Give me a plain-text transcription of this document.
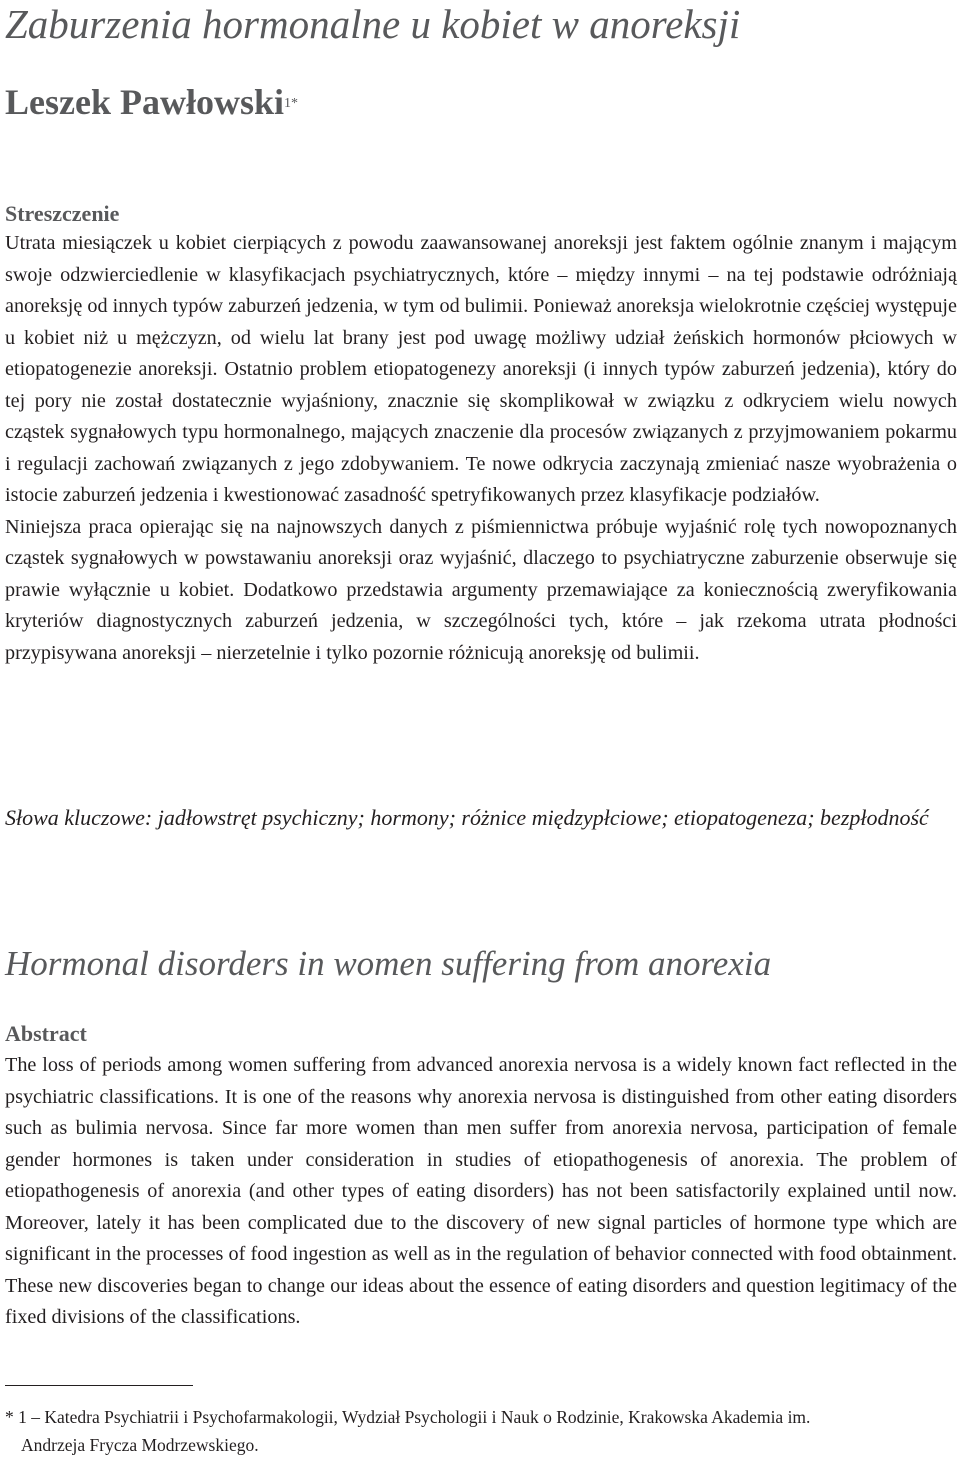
Zaburzenia hormonalne u kobiet w anoreksji
Leszek Pawłowski$^{1*}$
Streszczenie

Utrata miesiączek u kobiet cierpiących z powodu zaawansowanej anoreksji jest faktem ogólnie znanym i mającym swoje odzwierciedlenie w klasyfikacjach psychiatrycznych, które – między innymi – na tej podstawie odróżniają anoreksję od innych typów zaburzeń jedzenia, w tym od bulimii. Ponieważ anoreksja wielokrotnie częściej występuje u kobiet niż u mężczyzn, od wielu lat brany jest pod uwagę możliwy udział żeńskich hormonów płciowych w etiopatogenezie anoreksji. Ostatnio problem etiopatogenezy anoreksji (i innych typów zaburzeń jedzenia), który do tej pory nie został dostatecznie wyjaśniony, znacznie się skomplikował w związku z odkryciem wielu nowych cząstek sygnałowych typu hormonalnego, mających znaczenie dla procesów związanych z przyjmowaniem pokarmu i regulacji zachowań związanych z jego zdobywaniem. Te nowe odkrycia zaczynają zmieniać nasze wyobrażenia o istocie zaburzeń jedzenia i kwestionować zasadność spetryfikowanych przez klasyfikacje podziałów.

Niniejsza praca opierając się na najnowszych danych z piśmiennictwa próbuje wyjaśnić rolę tych nowopoznanych cząstek sygnałowych w powstawaniu anoreksji oraz wyjaśnić, dlaczego to psychiatryczne zaburzenie obserwuje się prawie wyłącznie u kobiet. Dodatkowo przedstawia argumenty przemawiające za koniecznością zweryfikowania kryteriów diagnostycznych zaburzeń jedzenia, w szczególności tych, które – jak rzekoma utrata płodności przypisywana anoreksji – nierzetelnie i tylko pozornie różnicują anoreksję od bulimii.

Słowa kluczowe: jadłowstręt psychiczny; hormony; różnice międzypłciowe; etiopatogeneza; bezpłodność

Hormonal disorders in women suffering from anorexia
Abstract

The loss of periods among women suffering from advanced anorexia nervosa is a widely known fact reflected in the psychiatric classifications. It is one of the reasons why anorexia nervosa is distinguished from other eating disorders such as bulimia nervosa. Since far more women than men suffer from anorexia nervosa, participation of female gender hormones is taken under consideration in studies of etiopathogenesis of anorexia. The problem of etiopathogenesis of anorexia (and other types of eating disorders) has not been satisfactorily explained until now. Moreover, lately it has been complicated due to the discovery of new signal particles of hormone type which are significant in the processes of food ingestion as well as in the regulation of behavior connected with food obtainment. These new discoveries began to change our ideas about the essence of eating disorders and question legitimacy of the fixed divisions of the classifications.

* 1 – Katedra Psychiatrii i Psychofarmakologii, Wydział Psychologii i Nauk o Rodzinie, Krakowska Akademia im.
Andrzeja Frycza Modrzewskiego.
